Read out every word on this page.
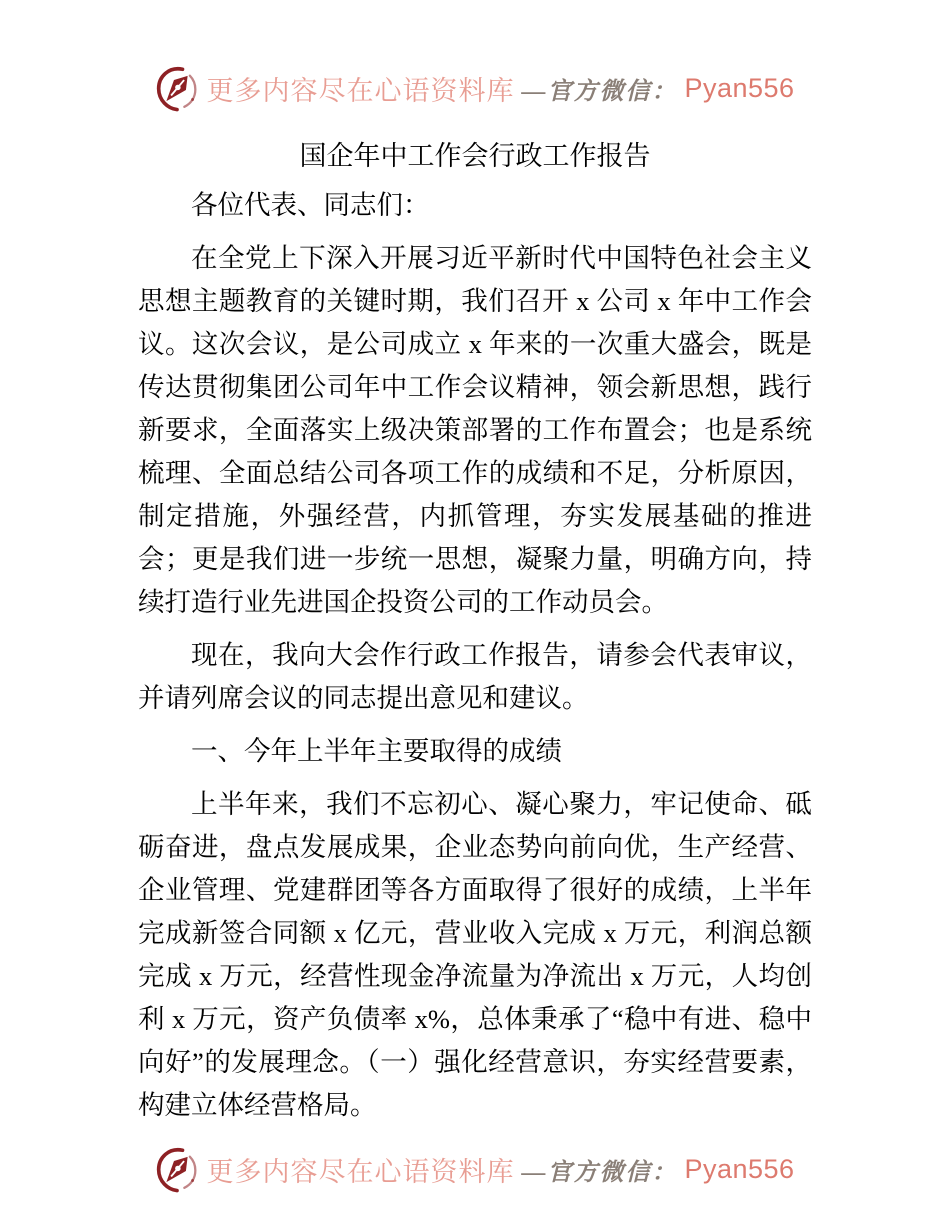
更多内容尽在心语资料库 —官方微信： Pyan556
国企年中工作会行政工作报告

各位代表、同志们：

在全党上下深入开展习近平新时代中国特色社会主义思想主题教育的关键时期，我们召开 x 公司 x 年中工作会议。这次会议，是公司成立 x 年来的一次重大盛会，既是传达贯彻集团公司年中工作会议精神，领会新思想，践行新要求，全面落实上级决策部署的工作布置会；也是系统梳理、全面总结公司各项工作的成绩和不足，分析原因，制定措施，外强经营，内抓管理，夯实发展基础的推进会；更是我们进一步统一思想，凝聚力量，明确方向，持续打造行业先进国企投资公司的工作动员会。

现在，我向大会作行政工作报告，请参会代表审议，并请列席会议的同志提出意见和建议。

一、今年上半年主要取得的成绩

上半年来，我们不忘初心、凝心聚力，牢记使命、砥砺奋进，盘点发展成果，企业态势向前向优，生产经营、企业管理、党建群团等各方面取得了很好的成绩，上半年完成新签合同额 x 亿元，营业收入完成 x 万元，利润总额完成 x 万元，经营性现金净流量为净流出 x 万元，人均创利 x 万元，资产负债率 x%，总体秉承了“稳中有进、稳中向好”的发展理念。（一）强化经营意识，夯实经营要素，构建立体经营格局。

更多内容尽在心语资料库 —官方微信： Pyan556
